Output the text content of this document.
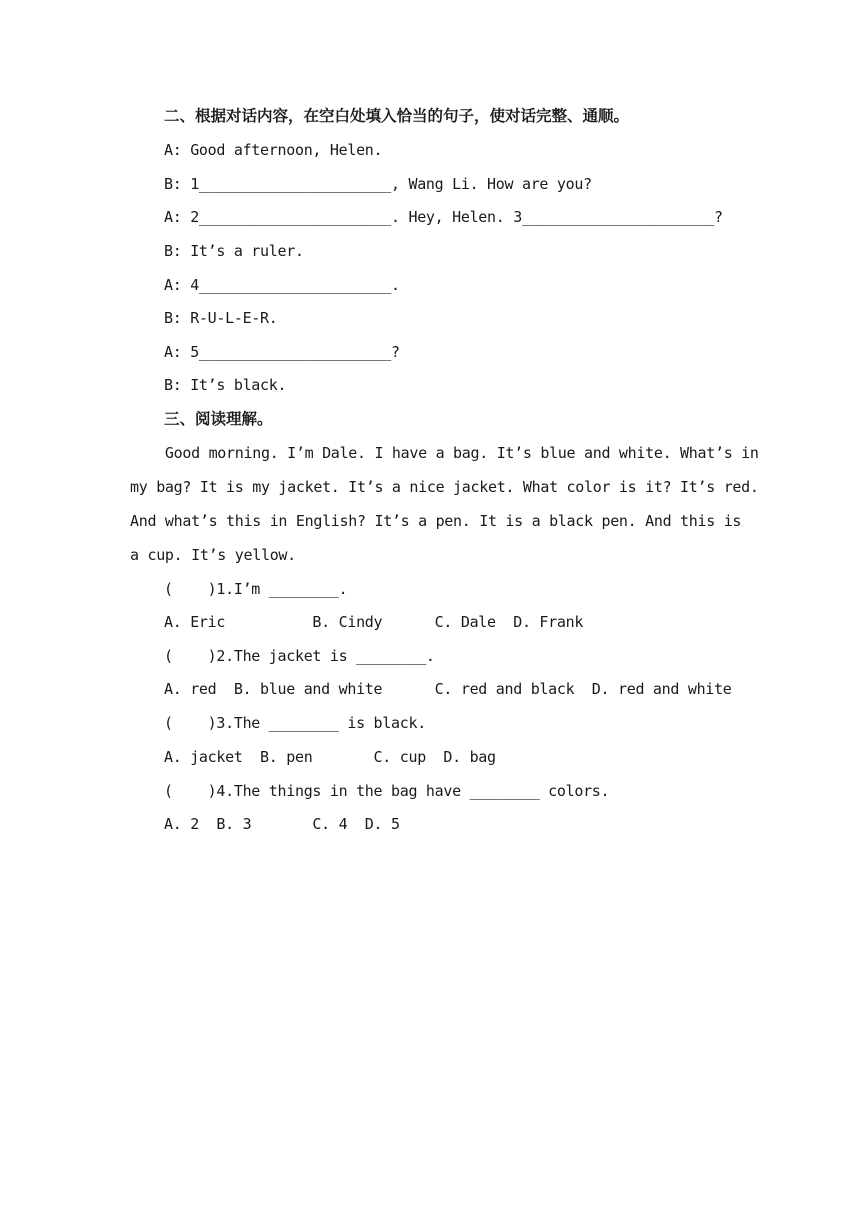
二、根据对话内容，在空白处填入恰当的句子，使对话完整、通顺。
A: Good afternoon, Helen.
B: 1______________________, Wang Li. How are you?
A: 2______________________. Hey, Helen. 3______________________?
B: It’s a ruler.
A: 4______________________.
B: R-U-L-E-R.
A: 5______________________?
B: It’s black.
三、阅读理解。
Good morning. I’m Dale. I have a bag. It’s blue and white. What’s in
my bag? It is my jacket. It’s a nice jacket. What color is it? It’s red.
And what’s this in English? It’s a pen. It is a black pen. And this is
a cup. It’s yellow.
(    )1.I’m ________.
A. Eric          B. Cindy      C. Dale  D. Frank
(    )2.The jacket is ________.
A. red  B. blue and white      C. red and black  D. red and white
(    )3.The ________ is black.
A. jacket  B. pen       C. cup  D. bag
(    )4.The things in the bag have ________ colors.
A. 2  B. 3       C. 4  D. 5
